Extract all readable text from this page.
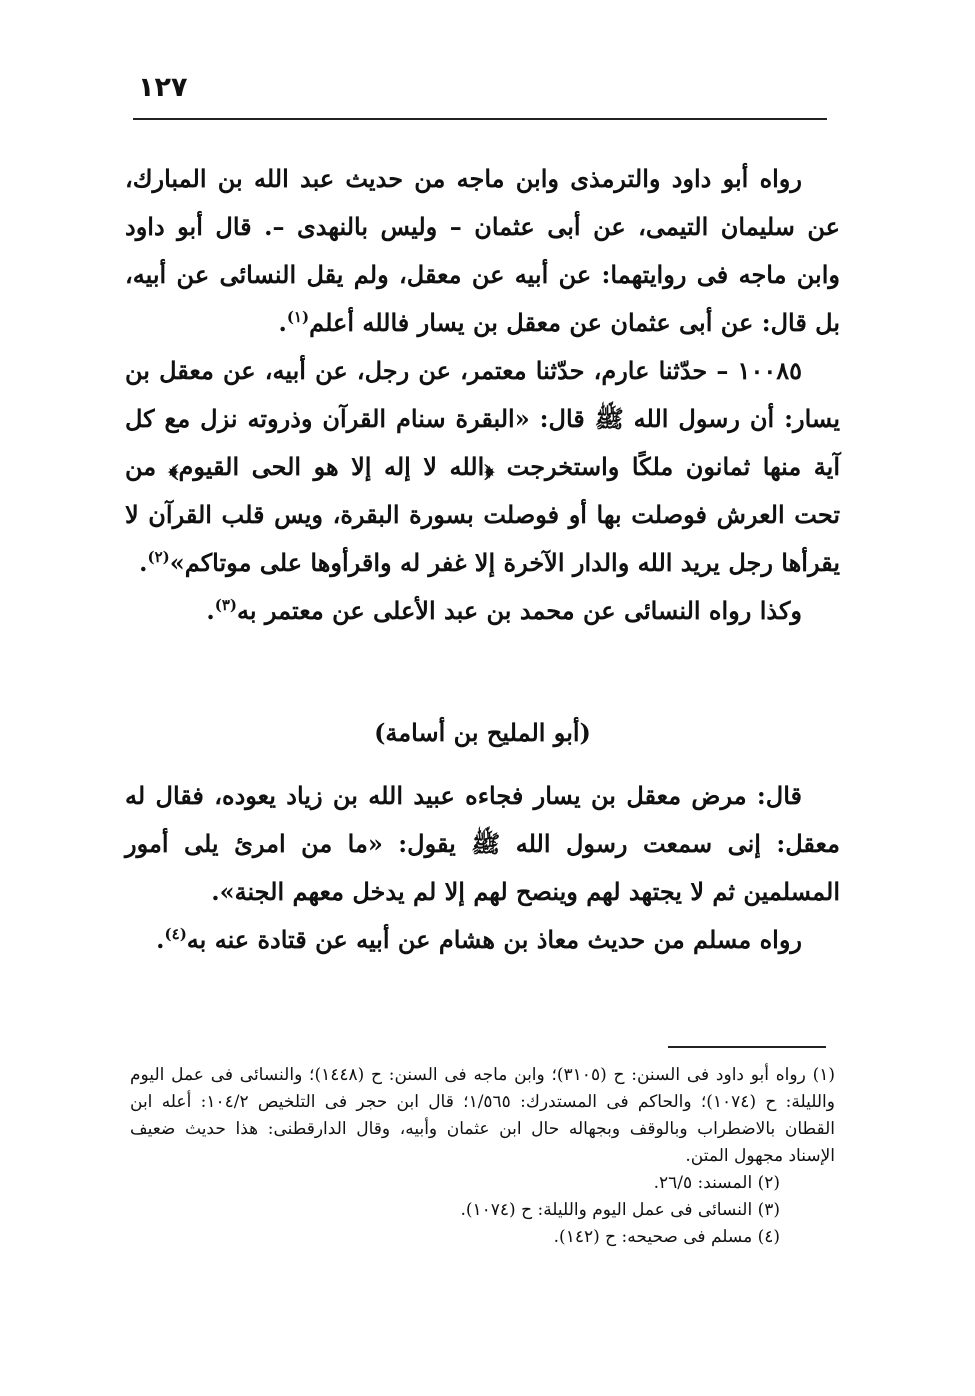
١٢٧

رواه أبو داود والترمذى وابن ماجه من حديث عبد الله بن المبارك، عن سليمان التيمى، عن أبى عثمان – وليس بالنهدى –. قال أبو داود وابن ماجه فى روايتهما: عن أبيه عن معقل، ولم يقل النسائى عن أبيه، بل قال: عن أبى عثمان عن معقل بن يسار فالله أعلم$^{(١)}$.

١٠٠٨٥ – حدّثنا عارم، حدّثنا معتمر، عن رجل، عن أبيه، عن معقل بن يسار: أن رسول الله ﷺ قال: «البقرة سنام القرآن وذروته نزل مع كل آية منها ثمانون ملكًا واستخرجت ﴿الله لا إله إلا هو الحى القيوم﴾ من تحت العرش فوصلت بها أو فوصلت بسورة البقرة، ويس قلب القرآن لا يقرأها رجل يريد الله والدار الآخرة إلا غفر له واقرأوها على موتاكم»$^{(٢)}$.

وكذا رواه النسائى عن محمد بن عبد الأعلى عن معتمر به$^{(٣)}$.

(أبو المليح بن أسامة)

قال: مرض معقل بن يسار فجاءه عبيد الله بن زياد يعوده، فقال له معقل: إنى سمعت رسول الله ﷺ يقول: «ما من امرئ يلى أمور المسلمين ثم لا يجتهد لهم وينصح لهم إلا لم يدخل معهم الجنة».

رواه مسلم من حديث معاذ بن هشام عن أبيه عن قتادة عنه به$^{(٤)}$.

(١) رواه أبو داود فى السنن: ح (٣١٠٥)؛ وابن ماجه فى السنن: ح (١٤٤٨)؛ والنسائى فى عمل اليوم والليلة: ح (١٠٧٤)؛ والحاكم فى المستدرك: ١/٥٦٥؛ قال ابن حجر فى التلخيص ١٠٤/٢: أعله ابن القطان بالاضطراب وبالوقف وبجهاله حال ابن عثمان وأبيه، وقال الدارقطنى: هذا حديث ضعيف الإسناد مجهول المتن.

(٢) المسند: ٢٦/٥.

(٣) النسائى فى عمل اليوم والليلة: ح (١٠٧٤).

(٤) مسلم فى صحيحه: ح (١٤٢).
